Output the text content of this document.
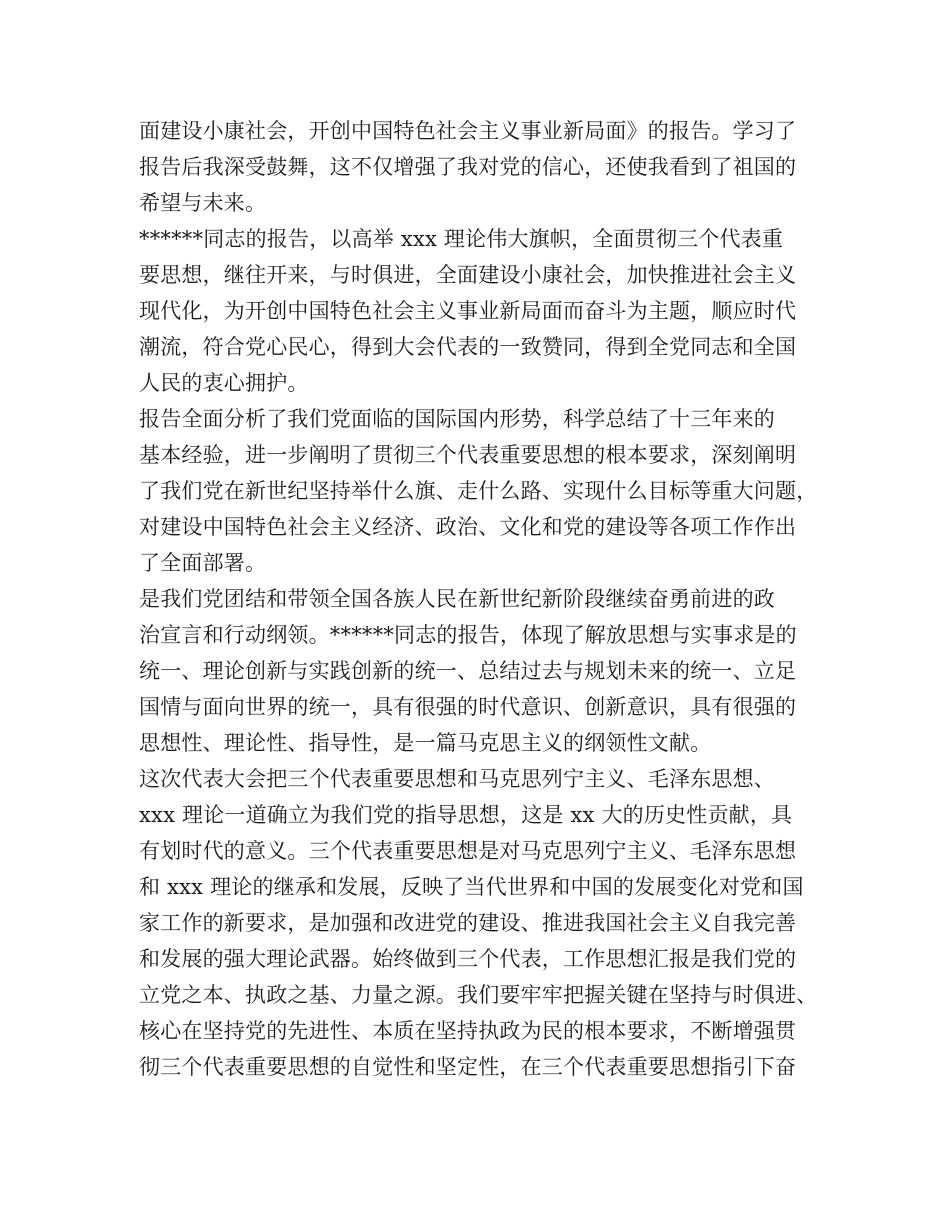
面建设小康社会，开创中国特色社会主义事业新局面》的报告。学习了
报告后我深受鼓舞，这不仅增强了我对党的信心，还使我看到了祖国的
希望与未来。
******同志的报告，以高举 xxx 理论伟大旗帜，全面贯彻三个代表重
要思想，继往开来，与时俱进，全面建设小康社会，加快推进社会主义
现代化，为开创中国特色社会主义事业新局面而奋斗为主题，顺应时代
潮流，符合党心民心，得到大会代表的一致赞同，得到全党同志和全国
人民的衷心拥护。
报告全面分析了我们党面临的国际国内形势，科学总结了十三年来的
基本经验，进一步阐明了贯彻三个代表重要思想的根本要求，深刻阐明
了我们党在新世纪坚持举什么旗、走什么路、实现什么目标等重大问题，
对建设中国特色社会主义经济、政治、文化和党的建设等各项工作作出
了全面部署。
是我们党团结和带领全国各族人民在新世纪新阶段继续奋勇前进的政
治宣言和行动纲领。******同志的报告，体现了解放思想与实事求是的
统一、理论创新与实践创新的统一、总结过去与规划未来的统一、立足
国情与面向世界的统一，具有很强的时代意识、创新意识，具有很强的
思想性、理论性、指导性，是一篇马克思主义的纲领性文献。
这次代表大会把三个代表重要思想和马克思列宁主义、毛泽东思想、
xxx 理论一道确立为我们党的指导思想，这是 xx 大的历史性贡献，具
有划时代的意义。三个代表重要思想是对马克思列宁主义、毛泽东思想
和 xxx 理论的继承和发展，反映了当代世界和中国的发展变化对党和国
家工作的新要求，是加强和改进党的建设、推进我国社会主义自我完善
和发展的强大理论武器。始终做到三个代表，工作思想汇报是我们党的
立党之本、执政之基、力量之源。我们要牢牢把握关键在坚持与时俱进、
核心在坚持党的先进性、本质在坚持执政为民的根本要求，不断增强贯
彻三个代表重要思想的自觉性和坚定性，在三个代表重要思想指引下奋
